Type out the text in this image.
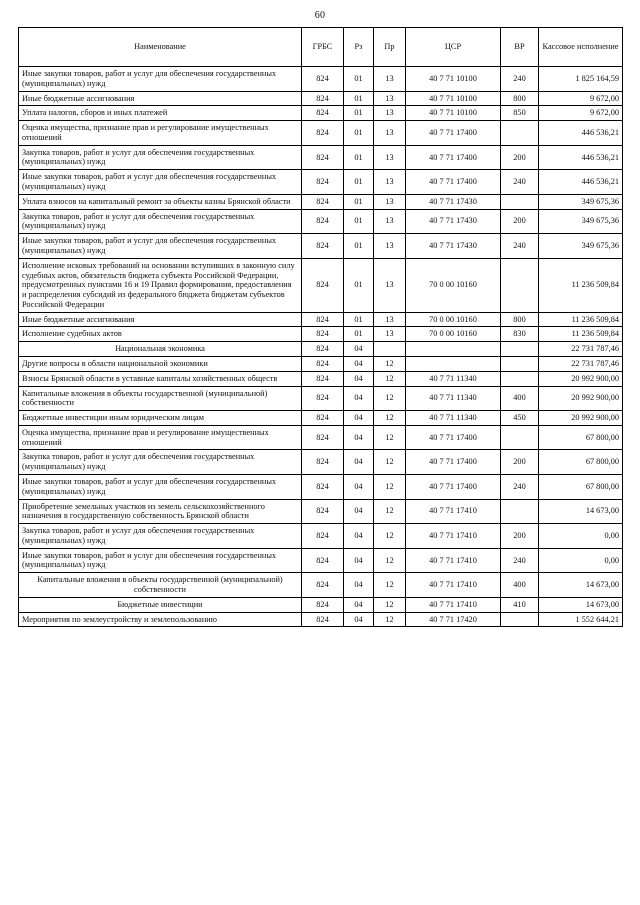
60
Наименование	ГРБС	Рз	Пр	ЦСР	ВР	Кассовое исполнение
Иные закупки товаров, работ и услуг для обеспечения государственных (муниципальных) нужд	824	01	13	40 7 71 10100	240	1 825 164,59
Иные бюджетные ассигнования	824	01	13	40 7 71 10100	800	9 672,00
Уплата налогов, сборов и иных платежей	824	01	13	40 7 71 10100	850	9 672,00
Оценка имущества, признание прав и регулирование имущественных отношений	824	01	13	40 7 71 17400		446 536,21
Закупка товаров, работ и услуг для обеспечения государственных (муниципальных) нужд	824	01	13	40 7 71 17400	200	446 536,21
Иные закупки товаров, работ и услуг для обеспечения государственных (муниципальных) нужд	824	01	13	40 7 71 17400	240	446 536,21
Уплата взносов на капитальный ремонт за объекты казны Брянской области	824	01	13	40 7 71 17430		349 675,36
Закупка товаров, работ и услуг для обеспечения государственных (муниципальных) нужд	824	01	13	40 7 71 17430	200	349 675,36
Иные закупки товаров, работ и услуг для обеспечения государственных (муниципальных) нужд	824	01	13	40 7 71 17430	240	349 675,36
Исполнение исковых требований на основании вступивших в законную силу судебных актов, обязательств бюджета субъекта Российской Федерации, предусмотренных пунктами 16 и 19 Правил формирования, предоставления и распределения субсидий из федерального бюджета бюджетам субъектов Российской Федерации	824	01	13	70 0 00 10160		11 236 509,84
Иные бюджетные ассигнования	824	01	13	70 0 00 10160	800	11 236 509,84
Исполнение судебных актов	824	01	13	70 0 00 10160	830	11 236 509,84
Национальная экономика	824	04				22 731 787,46
Другие вопросы в области национальной экономики	824	04	12			22 731 787,46
Взносы Брянской области в уставные капиталы хозяйственных обществ	824	04	12	40 7 71 11340		20 992 900,00
Капитальные вложения в объекты государственной (муниципальной) собственности	824	04	12	40 7 71 11340	400	20 992 900,00
Бюджетные инвестиции иным юридическим лицам	824	04	12	40 7 71 11340	450	20 992 900,00
Оценка имущества, признание прав и регулирование имущественных отношений	824	04	12	40 7 71 17400		67 800,00
Закупка товаров, работ и услуг для обеспечения государственных (муниципальных) нужд	824	04	12	40 7 71 17400	200	67 800,00
Иные закупки товаров, работ и услуг для обеспечения государственных (муниципальных) нужд	824	04	12	40 7 71 17400	240	67 800,00
Приобретение земельных участков из земель сельскохозяйственного назначения в государственную собственность Брянской области	824	04	12	40 7 71 17410		14 673,00
Закупка товаров, работ и услуг для обеспечения государственных (муниципальных) нужд	824	04	12	40 7 71 17410	200	0,00
Иные закупки товаров, работ и услуг для обеспечения государственных (муниципальных) нужд	824	04	12	40 7 71 17410	240	0,00
Капитальные вложения в объекты государственной (муниципальной) собственности	824	04	12	40 7 71 17410	400	14 673,00
Бюджетные инвестиции	824	04	12	40 7 71 17410	410	14 673,00
Мероприятия по землеустройству и землепользованию	824	04	12	40 7 71 17420		1 552 644,21
